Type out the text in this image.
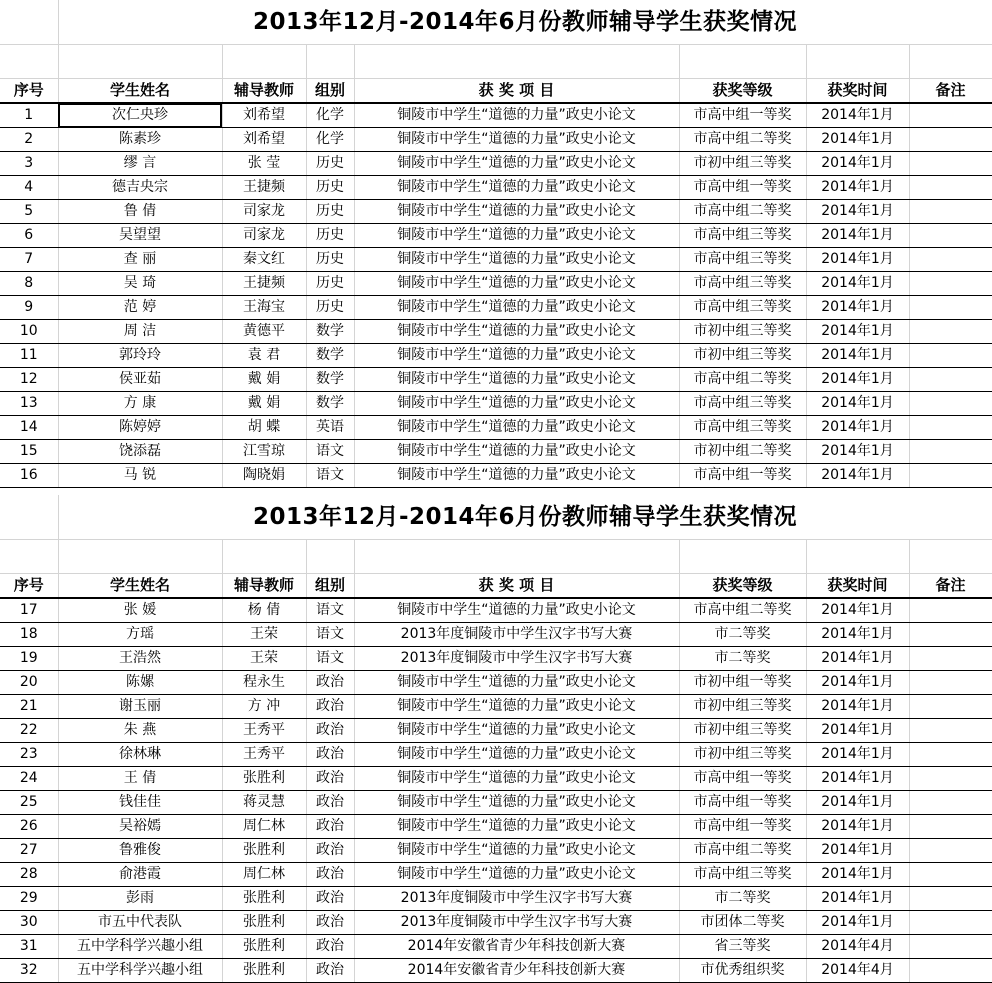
2013年12月-2014年6月份教师辅导学生获奖情况
序号	学生姓名	辅导教师	组别	获 奖 项 目	获奖等级	获奖时间	备注
1	次仁央珍	刘希望	化学	铜陵市中学生“道德的力量”政史小论文	市高中组一等奖	2014年1月	
2	陈素珍	刘希望	化学	铜陵市中学生“道德的力量”政史小论文	市高中组二等奖	2014年1月	
3	缪 言	张 莹	历史	铜陵市中学生“道德的力量”政史小论文	市初中组三等奖	2014年1月	
4	德吉央宗	王捷频	历史	铜陵市中学生“道德的力量”政史小论文	市高中组一等奖	2014年1月	
5	鲁 倩	司家龙	历史	铜陵市中学生“道德的力量”政史小论文	市高中组二等奖	2014年1月	
6	吴望望	司家龙	历史	铜陵市中学生“道德的力量”政史小论文	市高中组三等奖	2014年1月	
7	查 丽	秦文红	历史	铜陵市中学生“道德的力量”政史小论文	市高中组三等奖	2014年1月	
8	吴 琦	王捷频	历史	铜陵市中学生“道德的力量”政史小论文	市高中组三等奖	2014年1月	
9	范 婷	王海宝	历史	铜陵市中学生“道德的力量”政史小论文	市高中组三等奖	2014年1月	
10	周 洁	黄德平	数学	铜陵市中学生“道德的力量”政史小论文	市初中组三等奖	2014年1月	
11	郭玲玲	袁 君	数学	铜陵市中学生“道德的力量”政史小论文	市初中组三等奖	2014年1月	
12	侯亚茹	戴 娟	数学	铜陵市中学生“道德的力量”政史小论文	市高中组二等奖	2014年1月	
13	方 康	戴 娟	数学	铜陵市中学生“道德的力量”政史小论文	市高中组三等奖	2014年1月	
14	陈婷婷	胡 蝶	英语	铜陵市中学生“道德的力量”政史小论文	市高中组三等奖	2014年1月	
15	饶添磊	江雪琼	语文	铜陵市中学生“道德的力量”政史小论文	市初中组二等奖	2014年1月	
16	马 锐	陶晓娟	语文	铜陵市中学生“道德的力量”政史小论文	市高中组一等奖	2014年1月	
2013年12月-2014年6月份教师辅导学生获奖情况
序号	学生姓名	辅导教师	组别	获 奖 项 目	获奖等级	获奖时间	备注
17	张 媛	杨 倩	语文	铜陵市中学生“道德的力量”政史小论文	市高中组二等奖	2014年1月	
18	方瑶	王荣	语文	2013年度铜陵市中学生汉字书写大赛	市二等奖	2014年1月	
19	王浩然	王荣	语文	2013年度铜陵市中学生汉字书写大赛	市二等奖	2014年1月	
20	陈嫘	程永生	政治	铜陵市中学生“道德的力量”政史小论文	市初中组一等奖	2014年1月	
21	谢玉丽	方 冲	政治	铜陵市中学生“道德的力量”政史小论文	市初中组三等奖	2014年1月	
22	朱 燕	王秀平	政治	铜陵市中学生“道德的力量”政史小论文	市初中组三等奖	2014年1月	
23	徐林琳	王秀平	政治	铜陵市中学生“道德的力量”政史小论文	市初中组三等奖	2014年1月	
24	王 倩	张胜利	政治	铜陵市中学生“道德的力量”政史小论文	市高中组一等奖	2014年1月	
25	钱佳佳	蒋灵慧	政治	铜陵市中学生“道德的力量”政史小论文	市高中组一等奖	2014年1月	
26	吴裕嫣	周仁林	政治	铜陵市中学生“道德的力量”政史小论文	市高中组一等奖	2014年1月	
27	鲁雅俊	张胜利	政治	铜陵市中学生“道德的力量”政史小论文	市高中组二等奖	2014年1月	
28	俞港霞	周仁林	政治	铜陵市中学生“道德的力量”政史小论文	市高中组三等奖	2014年1月	
29	彭雨	张胜利	政治	2013年度铜陵市中学生汉字书写大赛	市二等奖	2014年1月	
30	市五中代表队	张胜利	政治	2013年度铜陵市中学生汉字书写大赛	市团体二等奖	2014年1月	
31	五中学科学兴趣小组	张胜利	政治	2014年安徽省青少年科技创新大赛	省三等奖	2014年4月	
32	五中学科学兴趣小组	张胜利	政治	2014年安徽省青少年科技创新大赛	市优秀组织奖	2014年4月	
